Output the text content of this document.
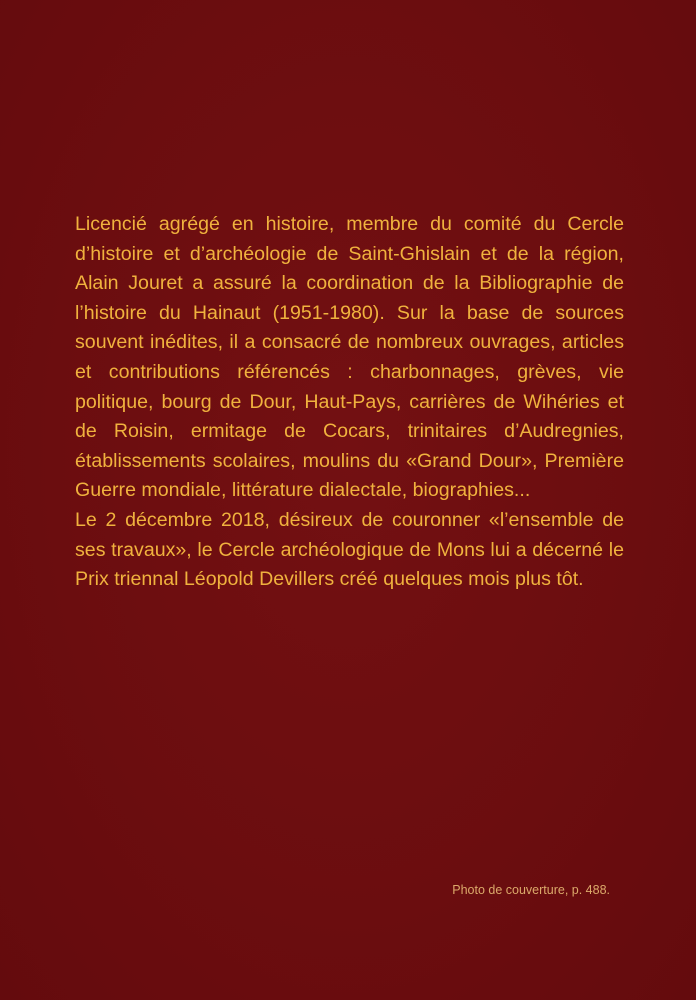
Licencié agrégé en histoire, membre du comité du Cercle d’histoire et d’archéologie de Saint-Ghislain et de la région, Alain Jouret a assuré la coordination de la Bibliographie de l’histoire du Hainaut (1951-1980). Sur la base de sources souvent inédites, il a consacré de nombreux ouvrages, articles et contributions référencés : charbonnages, grèves, vie politique, bourg de Dour, Haut-Pays, carrières de Wihéries et de Roisin, ermitage de Cocars, trinitaires d’Audregnies, établissements scolaires, moulins du «Grand Dour», Première Guerre mondiale, littérature dialectale, biographies...

Le 2 décembre 2018, désireux de couronner «l’ensemble de ses travaux», le Cercle archéologique de Mons lui a décerné le Prix triennal Léopold Devillers créé quelques mois plus tôt.

Photo de couverture, p. 488.
